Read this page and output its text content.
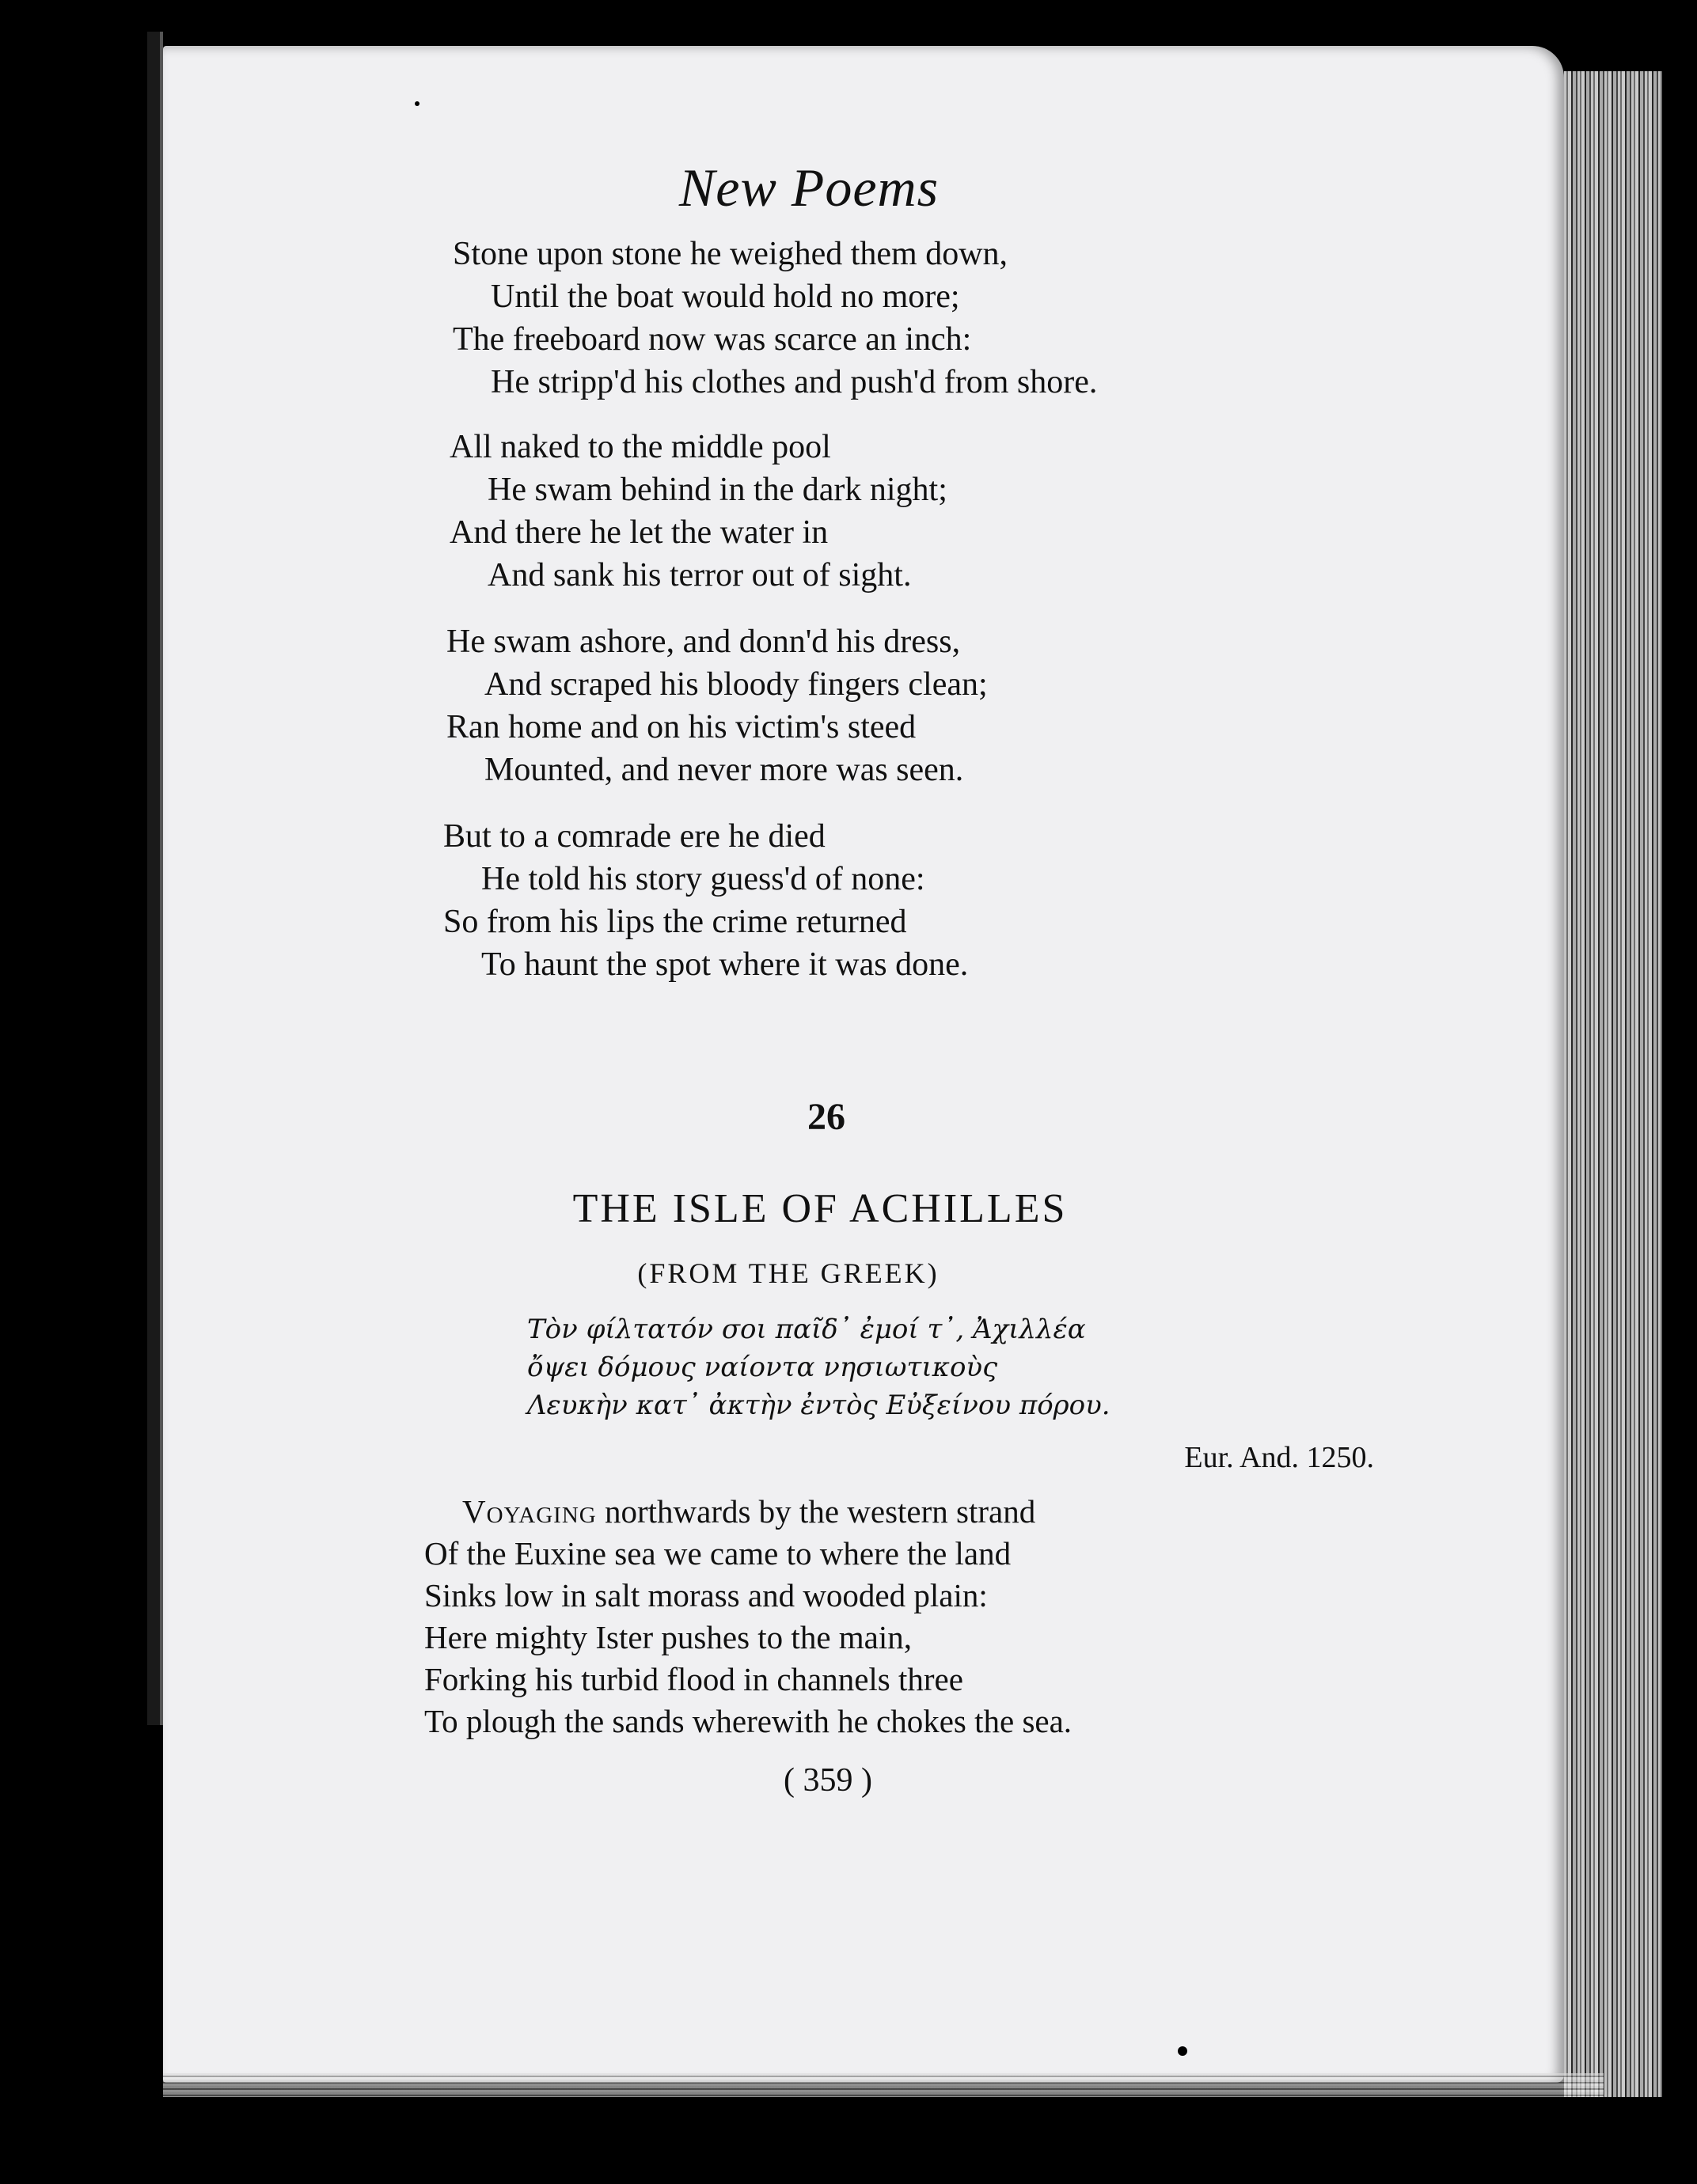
New Poems
Stone upon stone he weighed them down,
Until the boat would hold no more;
The freeboard now was scarce an inch:
He stripp'd his clothes and push'd from shore.
All naked to the middle pool
He swam behind in the dark night;
And there he let the water in
And sank his terror out of sight.
He swam ashore, and donn'd his dress,
And scraped his bloody fingers clean;
Ran home and on his victim's steed
Mounted, and never more was seen.
But to a comrade ere he died
He told his story guess'd of none:
So from his lips the crime returned
To haunt the spot where it was done.
26
THE ISLE OF ACHILLES
(FROM THE GREEK)
Τὸν φίλτατόν σοι παῖδ᾽ ἐμοί τ᾽, Ἀχιλλέα
ὄψει δόμους ναίοντα νησιωτικοὺς
Λευκὴν κατ᾽ ἀκτὴν ἐντὸς Εὐξείνου πόρου.
Eur. And. 1250.
Voyaging northwards by the western strand
Of the Euxine sea we came to where the land
Sinks low in salt morass and wooded plain:
Here mighty Ister pushes to the main,
Forking his turbid flood in channels three
To plough the sands wherewith he chokes the sea.
( 359 )
